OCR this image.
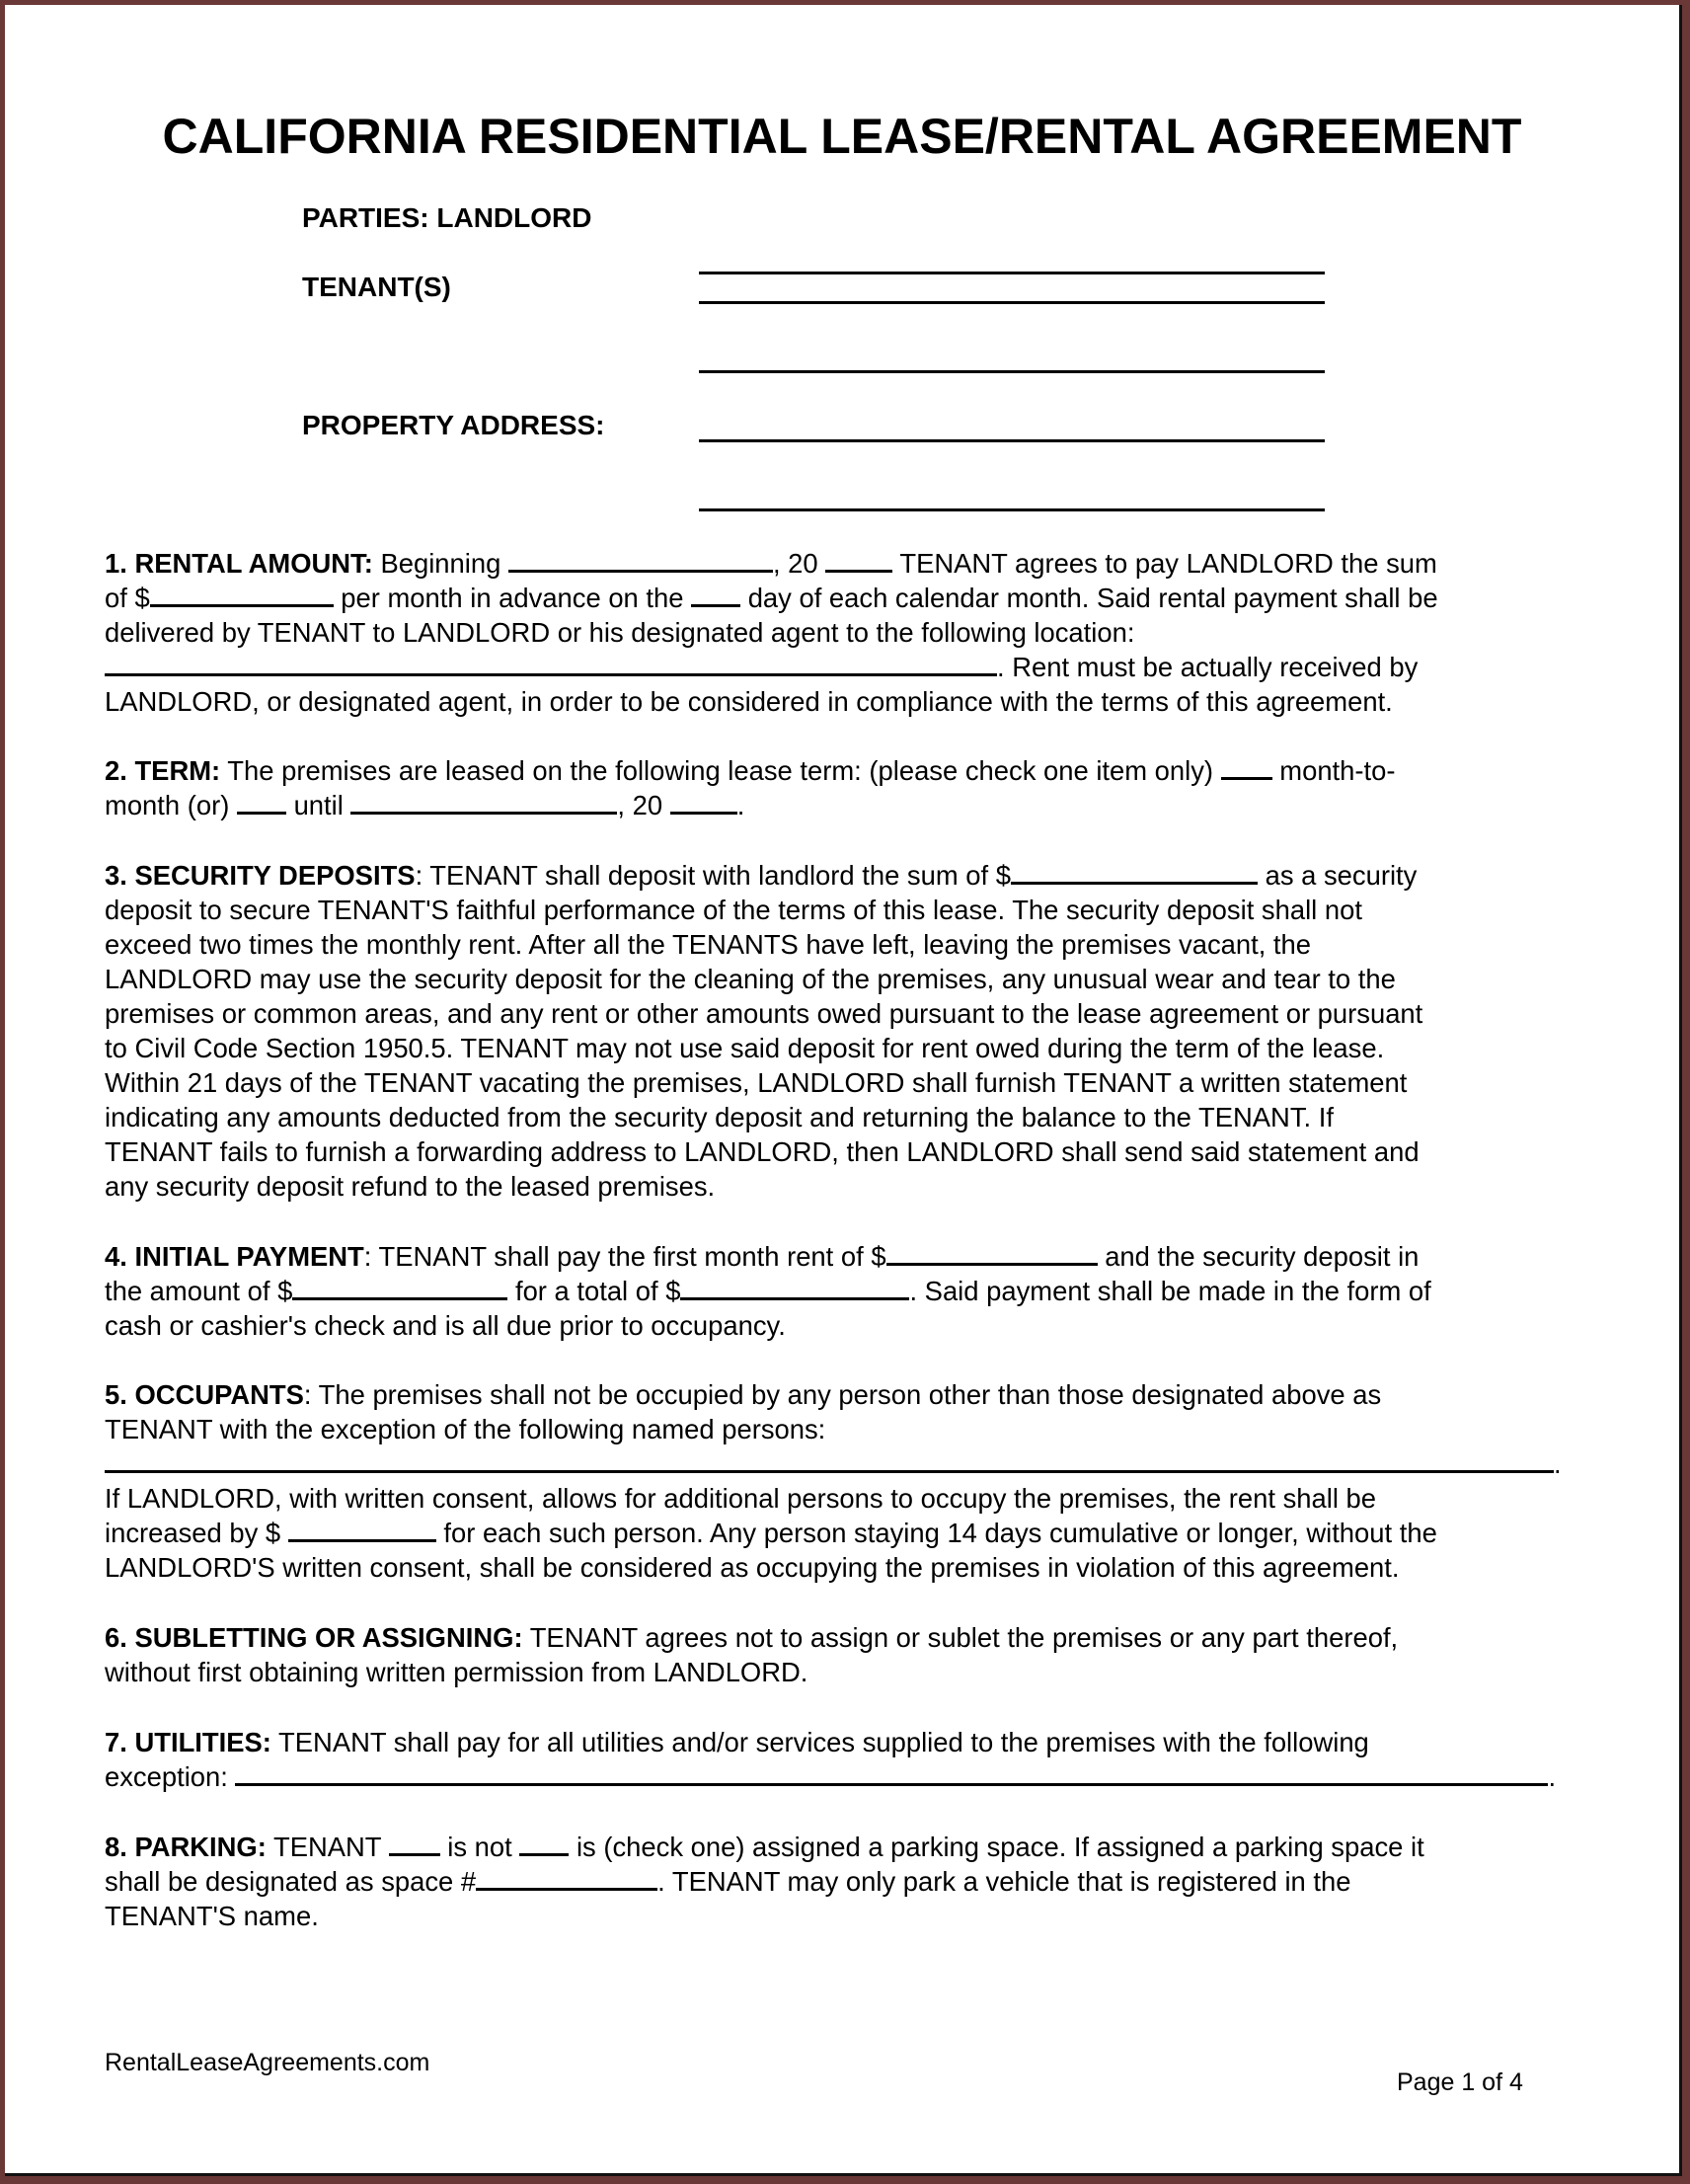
CALIFORNIA RESIDENTIAL LEASE/RENTAL AGREEMENT
PARTIES: LANDLORD
TENANT(S)
PROPERTY ADDRESS:
1. RENTAL AMOUNT: Beginning	, 20  TENANT agrees to pay LANDLORD the sum
of $	per month in advance on the  day of each calendar month. Said rental payment shall be
delivered by TENANT to LANDLORD or his designated agent to the following location:
. Rent must be actually received by
LANDLORD, or designated agent, in order to be considered in compliance with the terms of this agreement.
2. TERM: The premises are leased on the following lease term: (please check one item only)  month-to-
month (or)  until	, 20 .
3. SECURITY DEPOSITS: TENANT shall deposit with landlord the sum of $	as a security
deposit to secure TENANT'S faithful performance of the terms of this lease. The security deposit shall not
exceed two times the monthly rent. After all the TENANTS have left, leaving the premises vacant, the
LANDLORD may use the security deposit for the cleaning of the premises, any unusual wear and tear to the
premises or common areas, and any rent or other amounts owed pursuant to the lease agreement or pursuant
to Civil Code Section 1950.5. TENANT may not use said deposit for rent owed during the term of the lease.
Within 21 days of the TENANT vacating the premises, LANDLORD shall furnish TENANT a written statement
indicating any amounts deducted from the security deposit and returning the balance to the TENANT. If
TENANT fails to furnish a forwarding address to LANDLORD, then LANDLORD shall send said statement and
any security deposit refund to the leased premises.
4. INITIAL PAYMENT: TENANT shall pay the first month rent of $	and the security deposit in
the amount of $	for a total of $	. Said payment shall be made in the form of
cash or cashier's check and is all due prior to occupancy.
5. OCCUPANTS: The premises shall not be occupied by any person other than those designated above as
TENANT with the exception of the following named persons:
.
If LANDLORD, with written consent, allows for additional persons to occupy the premises, the rent shall be
increased by $	for each such person. Any person staying 14 days cumulative or longer, without the
LANDLORD'S written consent, shall be considered as occupying the premises in violation of this agreement.
6. SUBLETTING OR ASSIGNING: TENANT agrees not to assign or sublet the premises or any part thereof,
without first obtaining written permission from LANDLORD.
7. UTILITIES: TENANT shall pay for all utilities and/or services supplied to the premises with the following
exception:	.
8. PARKING: TENANT  is not  is (check one) assigned a parking space. If assigned a parking space it
shall be designated as space #	. TENANT may only park a vehicle that is registered in the
TENANT'S name.
RentalLeaseAgreements.com
Page 1 of 4
